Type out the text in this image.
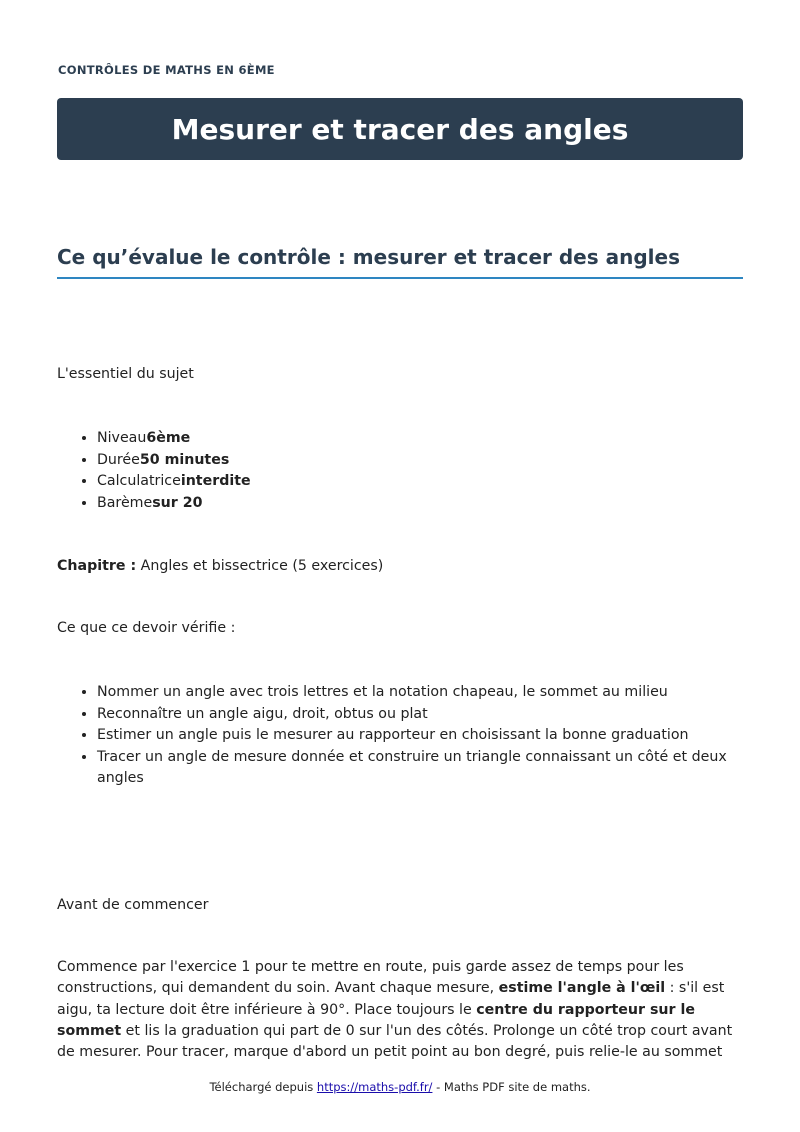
CONTRÔLES DE MATHS EN 6ÈME
Mesurer et tracer des angles
Ce qu’évalue le contrôle : mesurer et tracer des angles

L'essentiel du sujet

• Niveau6ème
• Durée50 minutes
• Calculatriceinterdite
• Barèmesur 20

Chapitre : Angles et bissectrice (5 exercices)

Ce que ce devoir vérifie :

• Nommer un angle avec trois lettres et la notation chapeau, le sommet au milieu
• Reconnaître un angle aigu, droit, obtus ou plat
• Estimer un angle puis le mesurer au rapporteur en choisissant la bonne graduation
• Tracer un angle de mesure donnée et construire un triangle connaissant un côté et deux angles

Avant de commencer

Commence par l'exercice 1 pour te mettre en route, puis garde assez de temps pour les constructions, qui demandent du soin. Avant chaque mesure, estime l'angle à l'œil : s'il est aigu, ta lecture doit être inférieure à 90°. Place toujours le centre du rapporteur sur le sommet et lis la graduation qui part de 0 sur l'un des côtés. Prolonge un côté trop court avant de mesurer. Pour tracer, marque d'abord un petit point au bon degré, puis relie-le au sommet

Téléchargé depuis https://maths-pdf.fr/ - Maths PDF site de maths.
